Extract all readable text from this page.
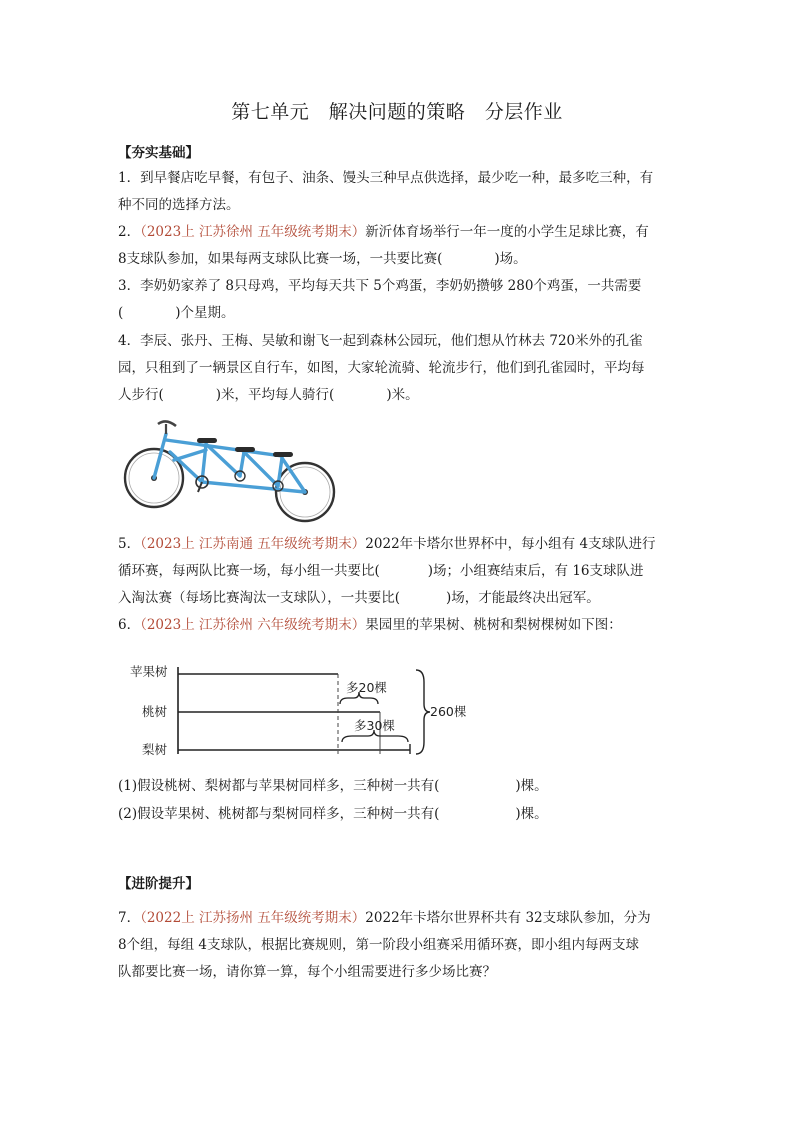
第七单元　解决问题的策略　分层作业
【夯实基础】
1．到早餐店吃早餐，有包子、油条、馒头三种早点供选择，最少吃一种，最多吃三种，有
种不同的选择方法。
2．（2023上 江苏徐州 五年级统考期末）新沂体育场举行一年一度的小学生足球比赛，有
8支球队参加，如果每两支球队比赛一场，一共要比赛(	)场。
3．李奶奶家养了 8只母鸡，平均每天共下 5个鸡蛋，李奶奶攒够 280个鸡蛋，一共需要
(	)个星期。
4．李辰、张丹、王梅、吴敏和谢飞一起到森林公园玩，他们想从竹林去 720米外的孔雀
园，只租到了一辆景区自行车，如图，大家轮流骑、轮流步行，他们到孔雀园时，平均每
人步行(	)米，平均每人骑行(	)米。
5．（2023上 江苏南通 五年级统考期末）2022年卡塔尔世界杯中，每小组有 4支球队进行
循环赛，每两队比赛一场，每小组一共要比(	)场；小组赛结束后，有 16支球队进
入淘汰赛（每场比赛淘汰一支球队），一共要比(	)场，才能最终决出冠军。
6．（2023上 江苏徐州 六年级统考期末）果园里的苹果树、桃树和梨树棵树如下图：
苹果树
桃树
梨树
多20棵
多30棵
260棵
(1)假设桃树、梨树都与苹果树同样多，三种树一共有(	)棵。
(2)假设苹果树、桃树都与梨树同样多，三种树一共有(	)棵。
【进阶提升】
7．（2022上 江苏扬州 五年级统考期末）2022年卡塔尔世界杯共有 32支球队参加，分为
8个组，每组 4支球队，根据比赛规则，第一阶段小组赛采用循环赛，即小组内每两支球
队都要比赛一场，请你算一算，每个小组需要进行多少场比赛？
